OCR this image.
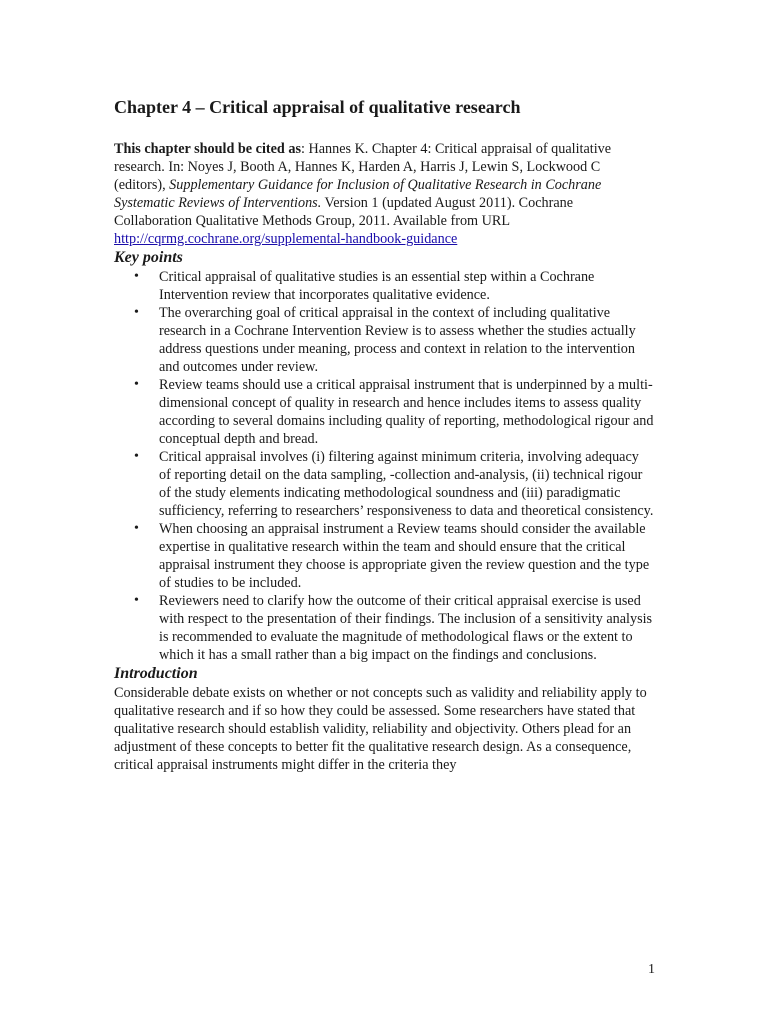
Chapter 4 – Critical appraisal of qualitative research

This chapter should be cited as: Hannes K. Chapter 4: Critical appraisal of qualitative research. In: Noyes J, Booth A, Hannes K, Harden A, Harris J, Lewin S, Lockwood C (editors), Supplementary Guidance for Inclusion of Qualitative Research in Cochrane Systematic Reviews of Interventions. Version 1 (updated August 2011). Cochrane Collaboration Qualitative Methods Group, 2011. Available from URL http://cqrmg.cochrane.org/supplemental-handbook-guidance

Key points
• Critical appraisal of qualitative studies is an essential step within a Cochrane Intervention review that incorporates qualitative evidence.
• The overarching goal of critical appraisal in the context of including qualitative research in a Cochrane Intervention Review is to assess whether the studies actually address questions under meaning, process and context in relation to the intervention and outcomes under review.
• Review teams should use a critical appraisal instrument that is underpinned by a multi-dimensional concept of quality in research and hence includes items to assess quality according to several domains including quality of reporting, methodological rigour and conceptual depth and bread.
• Critical appraisal involves (i) filtering against minimum criteria, involving adequacy of reporting detail on the data sampling, -collection and-analysis, (ii) technical rigour of the study elements indicating methodological soundness and (iii) paradigmatic sufficiency, referring to researchers’ responsiveness to data and theoretical consistency.
• When choosing an appraisal instrument a Review teams should consider the available expertise in qualitative research within the team and should ensure that the critical appraisal instrument they choose is appropriate given the review question and the type of studies to be included.
• Reviewers need to clarify how the outcome of their critical appraisal exercise is used with respect to the presentation of their findings. The inclusion of a sensitivity analysis is recommended to evaluate the magnitude of methodological flaws or the extent to which it has a small rather than a big impact on the findings and conclusions.
Introduction

Considerable debate exists on whether or not concepts such as validity and reliability apply to qualitative research and if so how they could be assessed. Some researchers have stated that qualitative research should establish validity, reliability and objectivity. Others plead for an adjustment of these concepts to better fit the qualitative research design. As a consequence, critical appraisal instruments might differ in the criteria they

1
